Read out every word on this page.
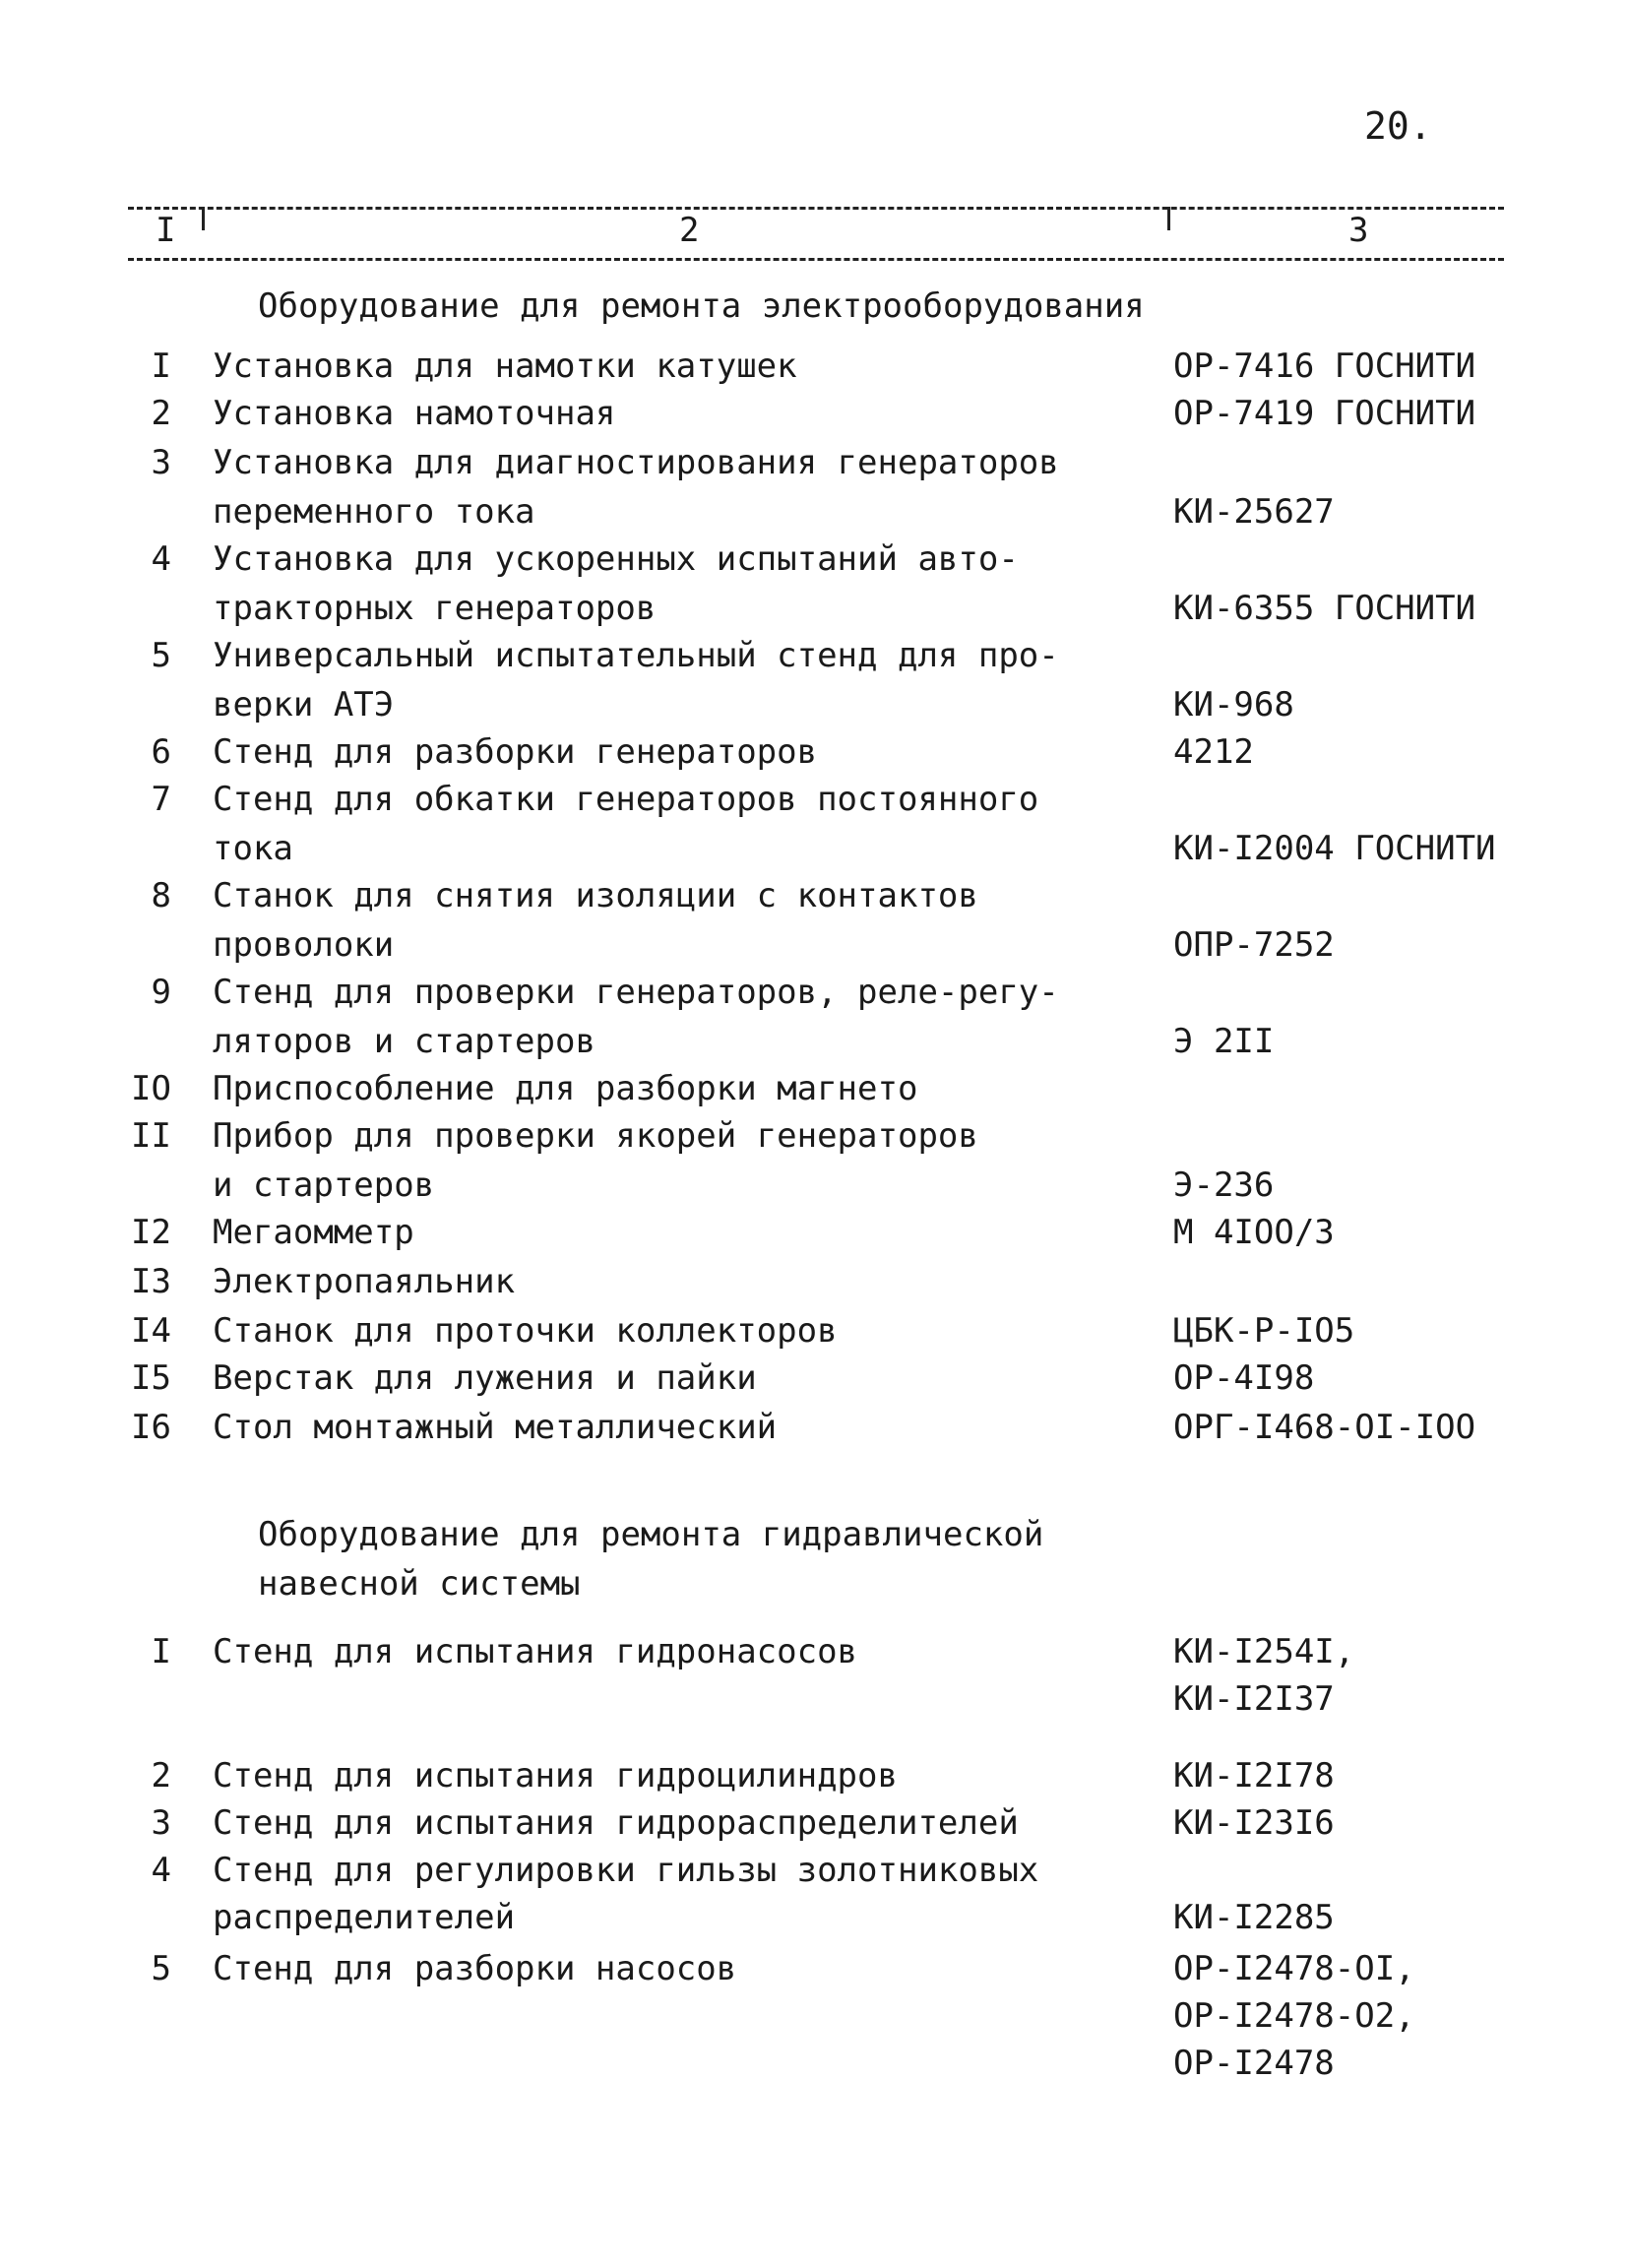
20.
I	2	3
Оборудование для ремонта электрооборудования
I Установка для намотки катушек	ОР-7416 ГОСНИТИ
2 Установка намоточная	ОР-7419 ГОСНИТИ
3 Установка для диагностирования генераторов
переменного тока	КИ-25627
4 Установка для ускоренных испытаний авто-
тракторных генераторов	КИ-6355 ГОСНИТИ
5 Универсальный испытательный стенд для про-
верки АТЭ	КИ-968
6 Стенд для разборки генераторов	4212
7 Стенд для обкатки генераторов постоянного
тока	КИ-I2004 ГОСНИТИ
8 Станок для снятия изоляции с контактов
проволоки	ОПР-7252
9 Стенд для проверки генераторов, реле-регу-
ляторов и стартеров	Э 2II
IO Приспособление для разборки магнето
II Прибор для проверки якорей генераторов
и стартеров	Э-236
I2 Мегаомметр	М 4IOO/3
I3 Электропаяльник
I4 Станок для проточки коллекторов	ЦБК-Р-IO5
I5 Верстак для лужения и пайки	ОР-4I98
I6 Стол монтажный металлический	ОРГ-I468-OI-IOO
Оборудование для ремонта гидравлической
навесной системы
I Стенд для испытания гидронасосов	КИ-I254I,
КИ-I2I37
2 Стенд для испытания гидроцилиндров	КИ-I2I78
3 Стенд для испытания гидрораспределителей	КИ-I23I6
4 Стенд для регулировки гильзы золотниковых
распределителей	КИ-I2285
5 Стенд для разборки насосов	ОР-I2478-OI,
ОР-I2478-O2,
ОР-I2478
